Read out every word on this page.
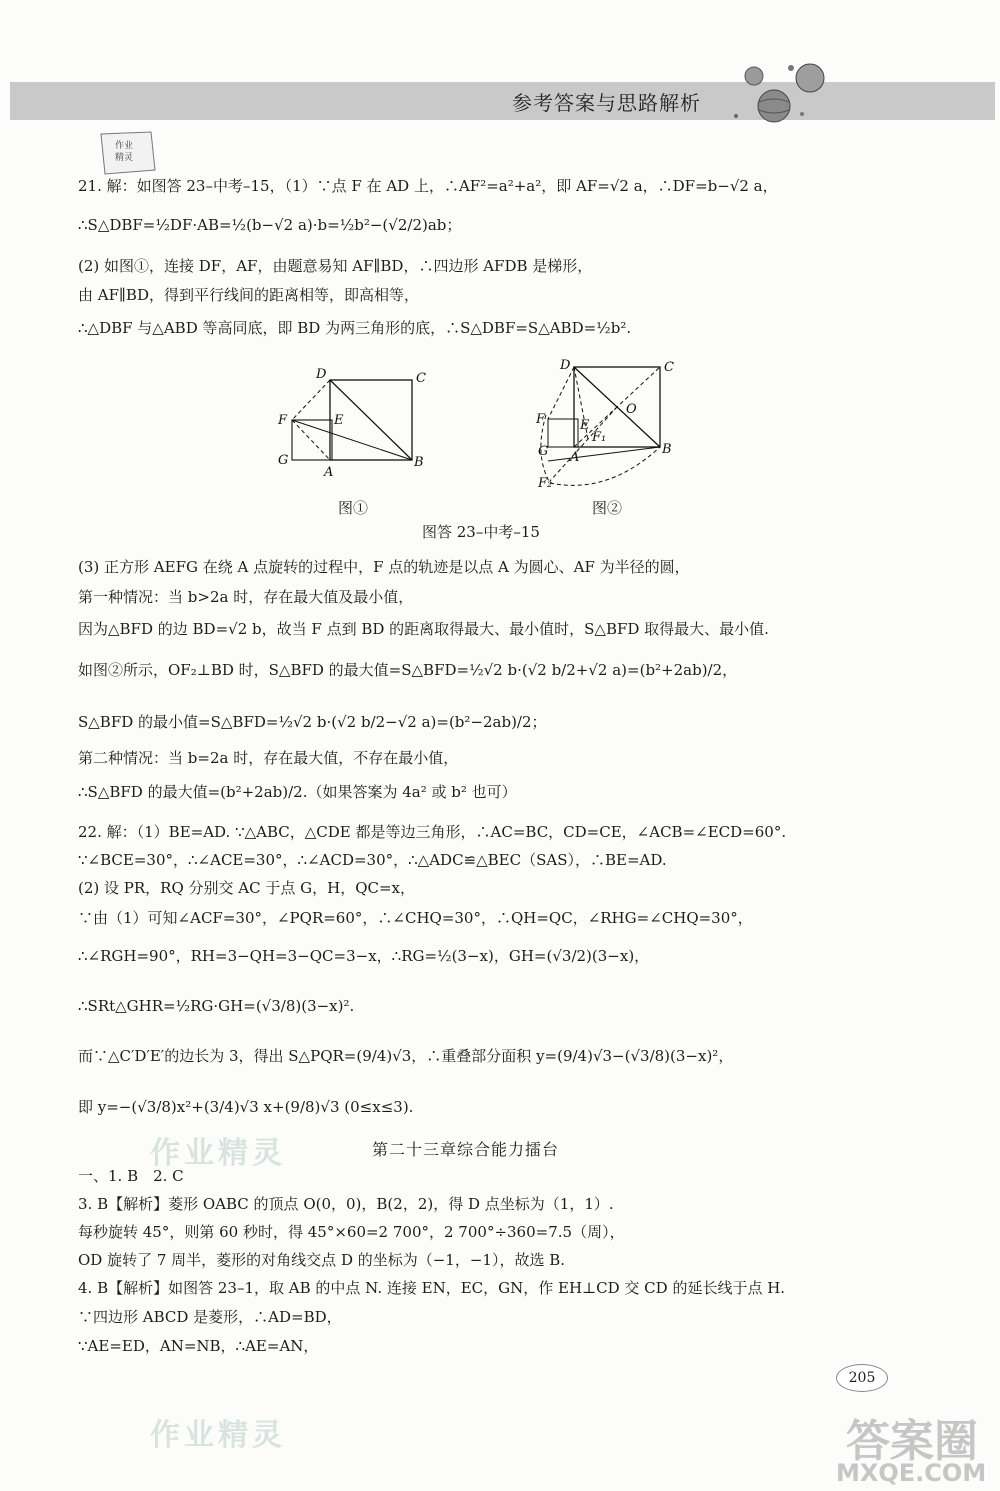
参考答案与思路解析
作业
精灵
21. 解：如图答 23–中考–15，（1）∵点 F 在 AD 上，∴AF²=a²+a²，即 AF=√2 a，∴DF=b−√2 a，
∴S△DBF=½DF·AB=½(b−√2 a)·b=½b²−(√2/2)ab；
(2) 如图①，连接 DF，AF，由题意易知 AF∥BD，∴四边形 AFDB 是梯形，
由 AF∥BD，得到平行线间的距离相等，即高相等，
∴△DBF 与△ABD 等高同底，即 BD 为两三角形的底，∴S△DBF=S△ABD=½b².
D	C
F	E
G
A
B
图①
D	C
O
F	E
F₁
G A
B
F₂
图②
图答 23–中考–15
(3) 正方形 AEFG 在绕 A 点旋转的过程中，F 点的轨迹是以点 A 为圆心、AF 为半径的圆，
第一种情况：当 b>2a 时，存在最大值及最小值，
因为△BFD 的边 BD=√2 b，故当 F 点到 BD 的距离取得最大、最小值时，S△BFD 取得最大、最小值.
如图②所示，OF₂⊥BD 时，S△BFD 的最大值=S△BFD=½√2 b·(√2 b/2+√2 a)=(b²+2ab)/2，
S△BFD 的最小值=S△BFD=½√2 b·(√2 b/2−√2 a)=(b²−2ab)/2；
第二种情况：当 b=2a 时，存在最大值，不存在最小值，
∴S△BFD 的最大值=(b²+2ab)/2.（如果答案为 4a² 或 b² 也可）
22. 解：（1）BE=AD. ∵△ABC，△CDE 都是等边三角形，∴AC=BC，CD=CE，∠ACB=∠ECD=60°.
∵∠BCE=30°，∴∠ACE=30°，∴∠ACD=30°，∴△ADC≌△BEC（SAS），∴BE=AD.
(2) 设 PR，RQ 分别交 AC 于点 G，H，QC=x，
∵由（1）可知∠ACF=30°，∠PQR=60°，∴∠CHQ=30°，∴QH=QC，∠RHG=∠CHQ=30°，
∴∠RGH=90°，RH=3−QH=3−QC=3−x，∴RG=½(3−x)，GH=(√3/2)(3−x)，
∴SRt△GHR=½RG·GH=(√3/8)(3−x)².
而∵△C′D′E′的边长为 3，得出 S△PQR=(9/4)√3，∴重叠部分面积 y=(9/4)√3−(√3/8)(3−x)²，
即 y=−(√3/8)x²+(3/4)√3 x+(9/8)√3 (0≤x≤3).
作业精灵	第二十三章综合能力擂台
一、1. B　2. C
3. B【解析】菱形 OABC 的顶点 O(0，0)，B(2，2)，得 D 点坐标为（1，1）.
每秒旋转 45°，则第 60 秒时，得 45°×60=2 700°，2 700°÷360=7.5（周），
OD 旋转了 7 周半，菱形的对角线交点 D 的坐标为（−1，−1），故选 B.
4. B【解析】如图答 23–1，取 AB 的中点 N. 连接 EN，EC，GN，作 EH⊥CD 交 CD 的延长线于点 H.
∵四边形 ABCD 是菱形，∴AD=BD，
∵AE=ED，AN=NB，∴AE=AN，
作业精灵
205
答案圈
MXQE.COM
